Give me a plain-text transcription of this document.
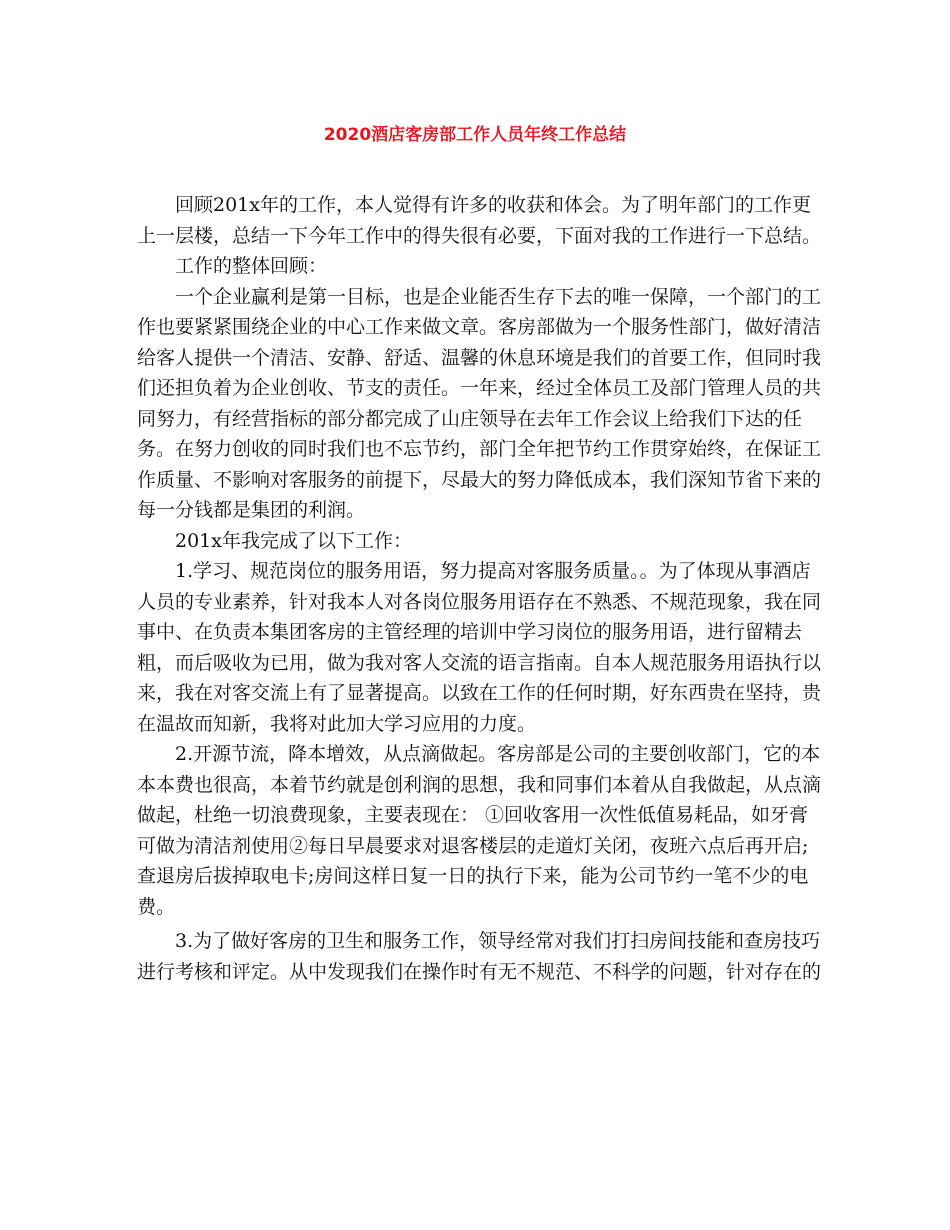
2020酒店客房部工作人员年终工作总结

回顾201x年的工作，本人觉得有许多的收获和体会。为了明年部门的工作更上一层楼，总结一下今年工作中的得失很有必要，下面对我的工作进行一下总结。

工作的整体回顾：

一个企业赢利是第一目标，也是企业能否生存下去的唯一保障，一个部门的工作也要紧紧围绕企业的中心工作来做文章。客房部做为一个服务性部门，做好清洁给客人提供一个清洁、安静、舒适、温馨的休息环境是我们的首要工作，但同时我们还担负着为企业创收、节支的责任。一年来，经过全体员工及部门管理人员的共同努力，有经营指标的部分都完成了山庄领导在去年工作会议上给我们下达的任务。在努力创收的同时我们也不忘节约，部门全年把节约工作贯穿始终，在保证工作质量、不影响对客服务的前提下，尽最大的努力降低成本，我们深知节省下来的每一分钱都是集团的利润。

201x年我完成了以下工作：

1.学习、规范岗位的服务用语，努力提高对客服务质量。。为了体现从事酒店人员的专业素养，针对我本人对各岗位服务用语存在不熟悉、不规范现象，我在同事中、在负责本集团客房的主管经理的培训中学习岗位的服务用语，进行留精去粗，而后吸收为已用，做为我对客人交流的语言指南。自本人规范服务用语执行以来，我在对客交流上有了显著提高。以致在工作的任何时期，好东西贵在坚持，贵在温故而知新，我将对此加大学习应用的力度。

2.开源节流，降本增效，从点滴做起。客房部是公司的主要创收部门，它的本本本费也很高，本着节约就是创利润的思想，我和同事们本着从自我做起，从点滴做起，杜绝一切浪费现象，主要表现在： ①回收客用一次性低值易耗品，如牙膏可做为清洁剂使用②每日早晨要求对退客楼层的走道灯关闭，夜班六点后再开启;查退房后拔掉取电卡;房间这样日复一日的执行下来，能为公司节约一笔不少的电费。

3.为了做好客房的卫生和服务工作，领导经常对我们打扫房间技能和查房技巧进行考核和评定。从中发现我们在操作时有无不规范、不科学的问题，针对存在的
